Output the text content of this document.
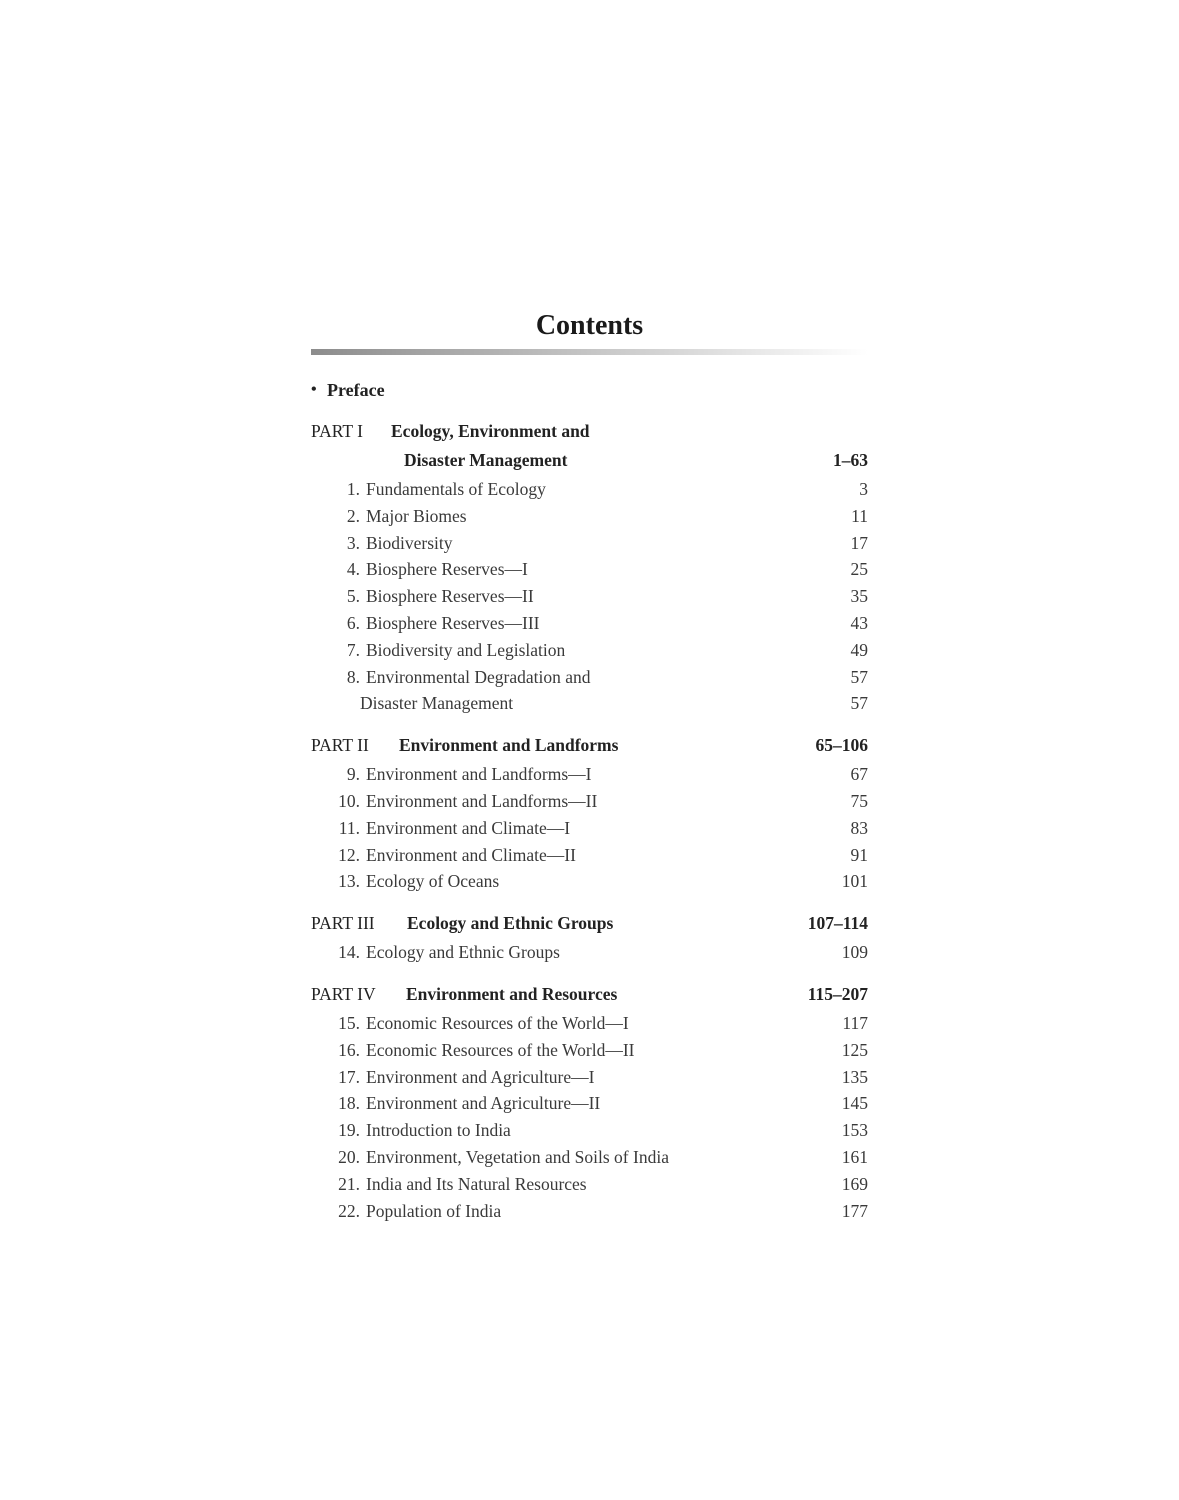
Contents
• Preface
PART I Ecology, Environment and
Disaster Management	1–63
1. Fundamentals of Ecology	3
2. Major Biomes	11
3. Biodiversity	17
4. Biosphere Reserves—I	25
5. Biosphere Reserves—II	35
6. Biosphere Reserves—III	43
7. Biodiversity and Legislation	49
8. Environmental Degradation and	57
Disaster Management	57
PART II Environment and Landforms	65–106
9. Environment and Landforms—I	67
10. Environment and Landforms—II	75
11. Environment and Climate—I	83
12. Environment and Climate—II	91
13. Ecology of Oceans	101
PART III Ecology and Ethnic Groups	107–114
14. Ecology and Ethnic Groups	109
PART IV Environment and Resources	115–207
15. Economic Resources of the World—I	117
16. Economic Resources of the World—II	125
17. Environment and Agriculture—I	135
18. Environment and Agriculture—II	145
19. Introduction to India	153
20. Environment, Vegetation and Soils of India	161
21. India and Its Natural Resources	169
22. Population of India	177
